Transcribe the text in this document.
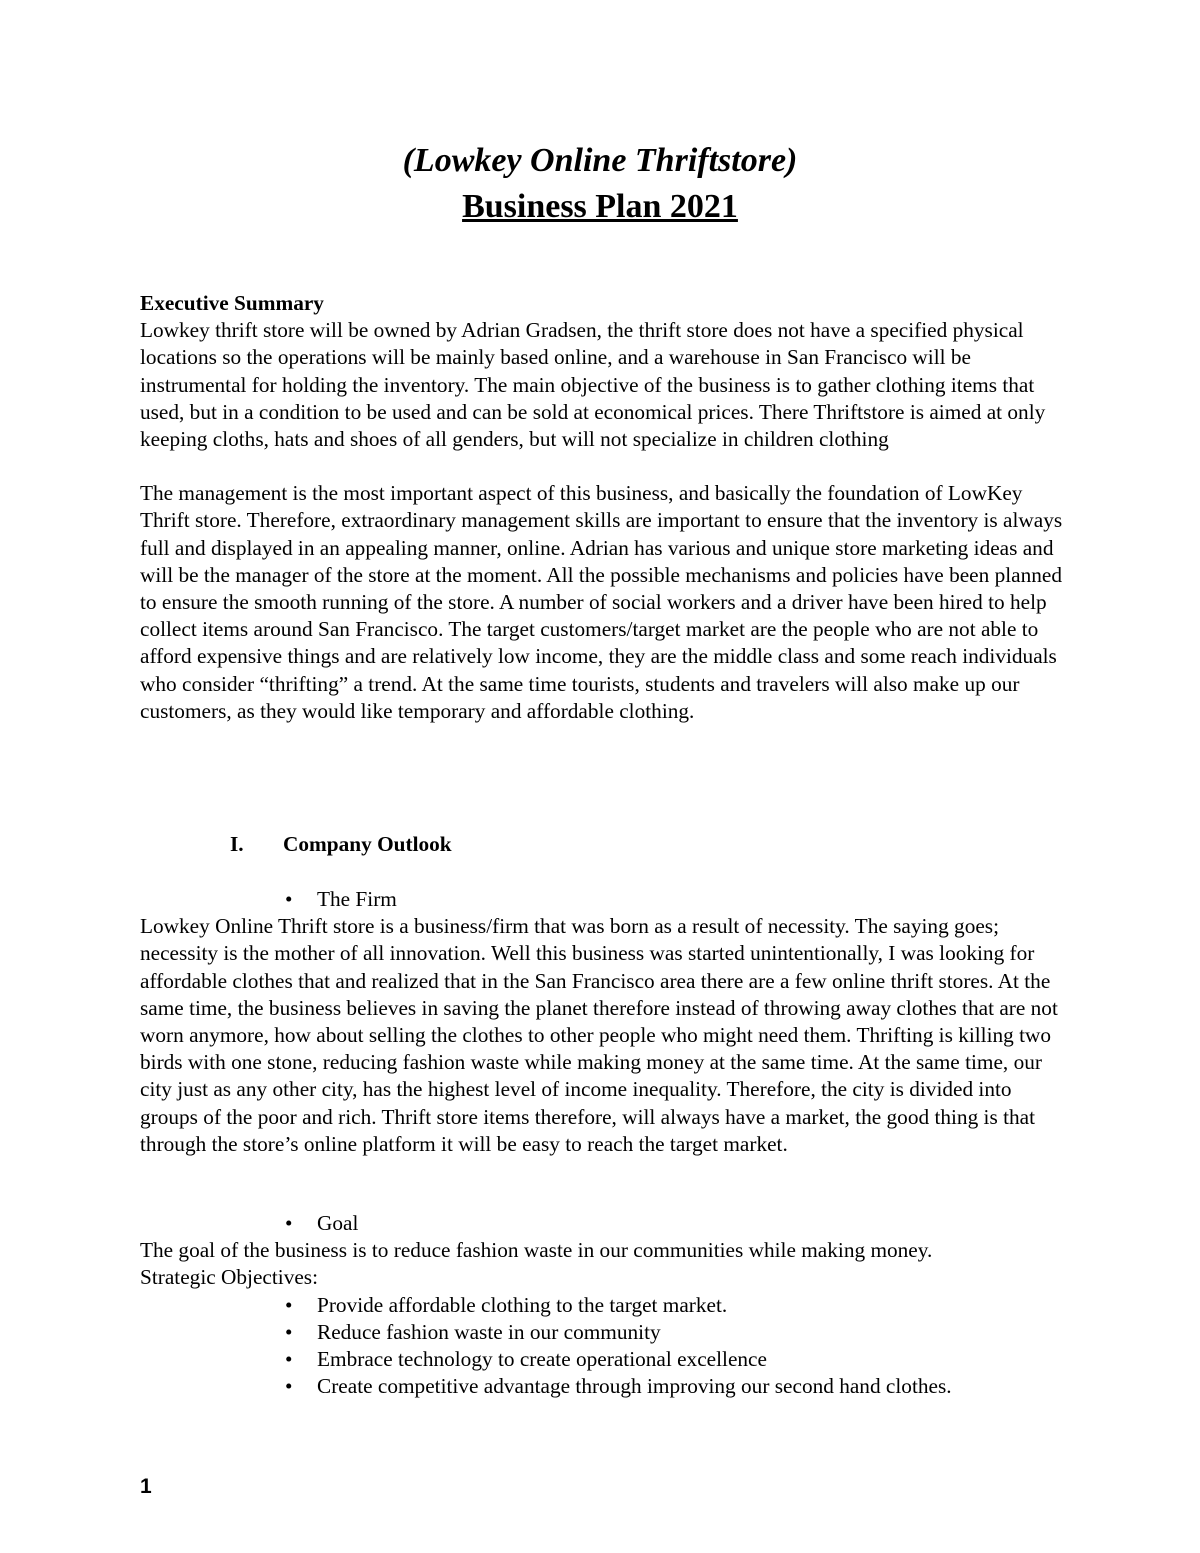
(Lowkey Online Thriftstore)
Business Plan 2021

Executive Summary

Lowkey thrift store will be owned by Adrian Gradsen, the thrift store does not have a specified physical locations so the operations will be mainly based online, and a warehouse in San Francisco will be instrumental for holding the inventory. The main objective of the business is to gather clothing items that used, but in a condition to be used and can be sold at economical prices. There Thriftstore is aimed at only keeping cloths, hats and shoes of all genders, but will not specialize in children clothing

The management is the most important aspect of this business, and basically the foundation of LowKey Thrift store. Therefore, extraordinary management skills are important to ensure that the inventory is always full and displayed in an appealing manner, online. Adrian has various and unique store marketing ideas and will be the manager of the store at the moment. All the possible mechanisms and policies have been planned to ensure the smooth running of the store. A number of social workers and a driver have been hired to help collect items around San Francisco. The target customers/target market are the people who are not able to afford expensive things and are relatively low income, they are the middle class and some reach individuals who consider “thrifting” a trend. At the same time tourists, students and travelers will also make up our customers, as they would like temporary and affordable clothing.

I. Company Outlook

• The Firm

Lowkey Online Thrift store is a business/firm that was born as a result of necessity. The saying goes; necessity is the mother of all innovation. Well this business was started unintentionally, I was looking for affordable clothes that and realized that in the San Francisco area there are a few online thrift stores. At the same time, the business believes in saving the planet therefore instead of throwing away clothes that are not worn anymore, how about selling the clothes to other people who might need them. Thrifting is killing two birds with one stone, reducing fashion waste while making money at the same time. At the same time, our city just as any other city, has the highest level of income inequality. Therefore, the city is divided into groups of the poor and rich. Thrift store items therefore, will always have a market, the good thing is that through the store’s online platform it will be easy to reach the target market.

• Goal

The goal of the business is to reduce fashion waste in our communities while making money.

Strategic Objectives:

• Provide affordable clothing to the target market.

• Reduce fashion waste in our community

• Embrace technology to create operational excellence

• Create competitive advantage through improving our second hand clothes.

1
